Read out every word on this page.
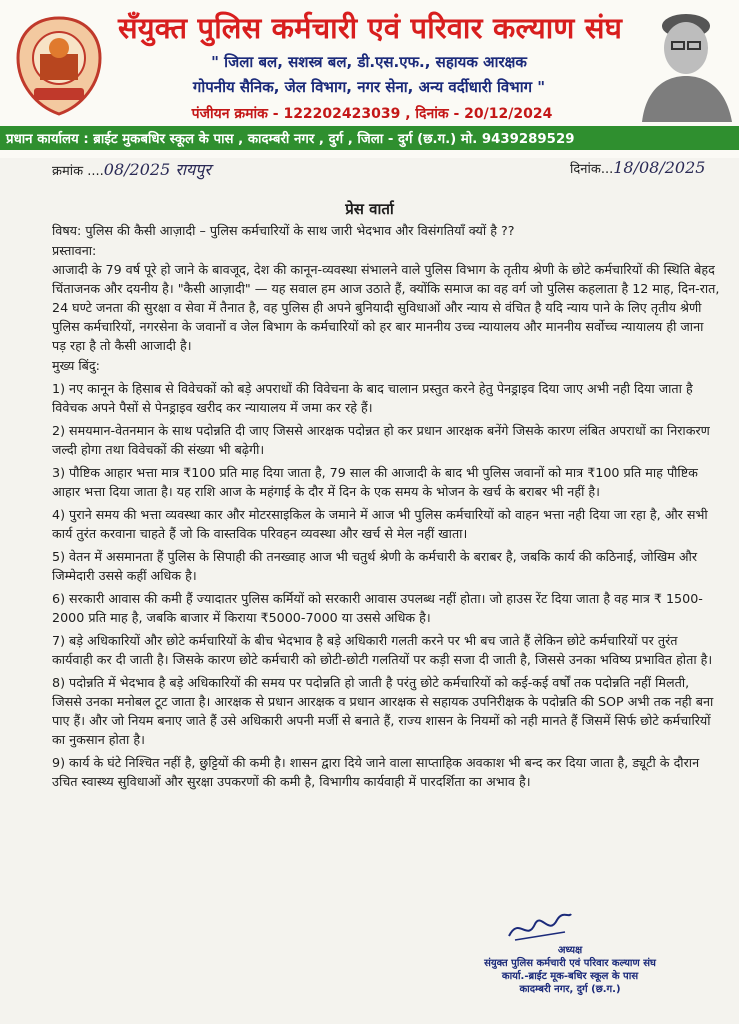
सँयुक्त पुलिस कर्मचारी एवं परिवार कल्याण संघ
" जिला बल, सशस्त्र बल, डी.एस.एफ., सहायक आरक्षक
गोपनीय सैनिक, जेल विभाग, नगर सेना, अन्य वर्दीधारी विभाग "
पंजीयन क्रमांक - 122202423039 , दिनांक - 20/12/2024
प्रधान कार्यालय : ब्राईट मुकबधिर स्कूल के पास , कादम्बरी नगर , दुर्ग , जिला - दुर्ग (छ.ग.) मो. 9439289529
क्रमांक ....08/2025 रायपुर	दिनांक...18/08/2025
प्रेस वार्ता

विषय: पुलिस की कैसी आज़ादी – पुलिस कर्मचारियों के साथ जारी भेदभाव और विसंगतियाँ क्यों है ??

प्रस्तावना:

आजादी के 79 वर्ष पूरे हो जाने के बावजूद, देश की कानून-व्यवस्था संभालने वाले पुलिस विभाग के तृतीय श्रेणी के छोटे कर्मचारियों की स्थिति बेहद चिंताजनक और दयनीय है। "कैसी आज़ादी" — यह सवाल हम आज उठाते हैं, क्योंकि समाज का वह वर्ग जो पुलिस कहलाता है 12 माह, दिन-रात, 24 घण्टे जनता की सुरक्षा व सेवा में तैनात है, वह पुलिस ही अपने बुनियादी सुविधाओं और न्याय से वंचित है यदि न्याय पाने के लिए तृतीय श्रेणी पुलिस कर्मचारियों, नगरसेना के जवानों व जेल बिभाग के कर्मचारियों को हर बार माननीय उच्च न्यायालय और माननीय सर्वोच्च न्यायालय ही जाना पड़ रहा है तो कैसी आजादी है।

मुख्य बिंदु:

1) नए कानून के हिसाब से विवेचकों को बड़े अपराधों की विवेचना के बाद चालान प्रस्तुत करने हेतु पेनड्राइव दिया जाए अभी नही दिया जाता है विवेचक अपने पैसों से पेनड्राइव खरीद कर न्यायालय में जमा कर रहे हैं।

2) समयमान-वेतनमान के साथ पदोन्नति दी जाए जिससे आरक्षक पदोन्नत हो कर प्रधान आरक्षक बनेंगे जिसके कारण लंबित अपराधों का निराकरण जल्दी होगा तथा विवेचकों की संख्या भी बढ़ेगी।

3) पौष्टिक आहार भत्ता मात्र ₹100 प्रति माह दिया जाता है, 79 साल की आजादी के बाद भी पुलिस जवानों को मात्र ₹100 प्रति माह पौष्टिक आहार भत्ता दिया जाता है। यह राशि आज के महंगाई के दौर में दिन के एक समय के भोजन के खर्च के बराबर भी नहीं है।

4) पुराने समय की भत्ता व्यवस्था कार और मोटरसाइकिल के जमाने में आज भी पुलिस कर्मचारियों को वाहन भत्ता नही दिया जा रहा है, और सभी कार्य तुरंत करवाना चाहते हैं जो कि वास्तविक परिवहन व्यवस्था और खर्च से मेल नहीं खाता।

5) वेतन में असमानता हैं पुलिस के सिपाही की तनख्वाह आज भी चतुर्थ श्रेणी के कर्मचारी के बराबर है, जबकि कार्य की कठिनाई, जोखिम और जिम्मेदारी उससे कहीं अधिक है।

6) सरकारी आवास की कमी हैं ज्यादातर पुलिस कर्मियों को सरकारी आवास उपलब्ध नहीं होता। जो हाउस रेंट दिया जाता है वह मात्र ₹ 1500-2000 प्रति माह है, जबकि बाजार में किराया ₹5000-7000 या उससे अधिक है।

7) बड़े अधिकारियों और छोटे कर्मचारियों के बीच भेदभाव है बड़े अधिकारी गलती करने पर भी बच जाते हैं लेकिन छोटे कर्मचारियों पर तुरंत कार्यवाही कर दी जाती है। जिसके कारण छोटे कर्मचारी को छोटी-छोटी गलतियों पर कड़ी सजा दी जाती है, जिससे उनका भविष्य प्रभावित होता है।

8) पदोन्नति में भेदभाव है बड़े अधिकारियों की समय पर पदोन्नति हो जाती है परंतु छोटे कर्मचारियों को कई-कई वर्षों तक पदोन्नति नहीं मिलती, जिससे उनका मनोबल टूट जाता है। आरक्षक से प्रधान आरक्षक व प्रधान आरक्षक से सहायक उपनिरीक्षक के पदोन्नति की SOP अभी तक नही बना पाए हैं। और जो नियम बनाए जाते हैं उसे अधिकारी अपनी मर्जी से बनाते हैं, राज्य शासन के नियमों को नही मानते हैं जिसमें सिर्फ छोटे कर्मचारियों का नुकसान होता है।

9) कार्य के घंटे निश्चित नहीं है, छुट्टियों की कमी है। शासन द्वारा दिये जाने वाला साप्ताहिक अवकाश भी बन्द कर दिया जाता है, ड्यूटी के दौरान उचित स्वास्थ्य सुविधाओं और सुरक्षा उपकरणों की कमी है, विभागीय कार्यवाही में पारदर्शिता का अभाव है।

अध्यक्ष
संयुक्त पुलिस कर्मचारी एवं परिवार कल्याण संघ
कार्या.-ब्राईट मूक-बधिर स्कूल के पास
कादम्बरी नगर, दुर्ग (छ.ग.)
